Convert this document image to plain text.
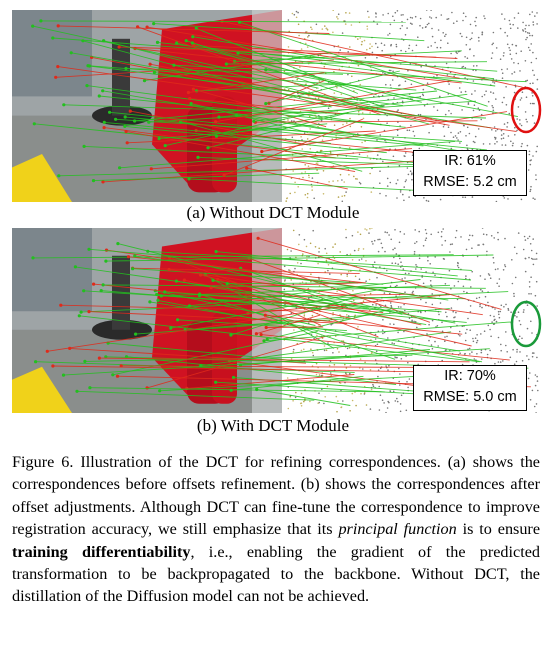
IR: 61%
RMSE: 5.2 cm
(a) Without DCT Module
IR: 70%
RMSE: 5.0 cm
(b) With DCT Module
Figure 6. Illustration of the DCT for refining correspondences. (a) shows the correspondences before offsets refinement. (b) shows the correspondences after offset adjustments. Although DCT can fine-tune the correspondence to improve registration accuracy, we still emphasize that its principal function is to ensure training differentiability, i.e., enabling the gradient of the predicted transformation to be backpropagated to the backbone. Without DCT, the distillation of the Diffusion model can not be achieved.
